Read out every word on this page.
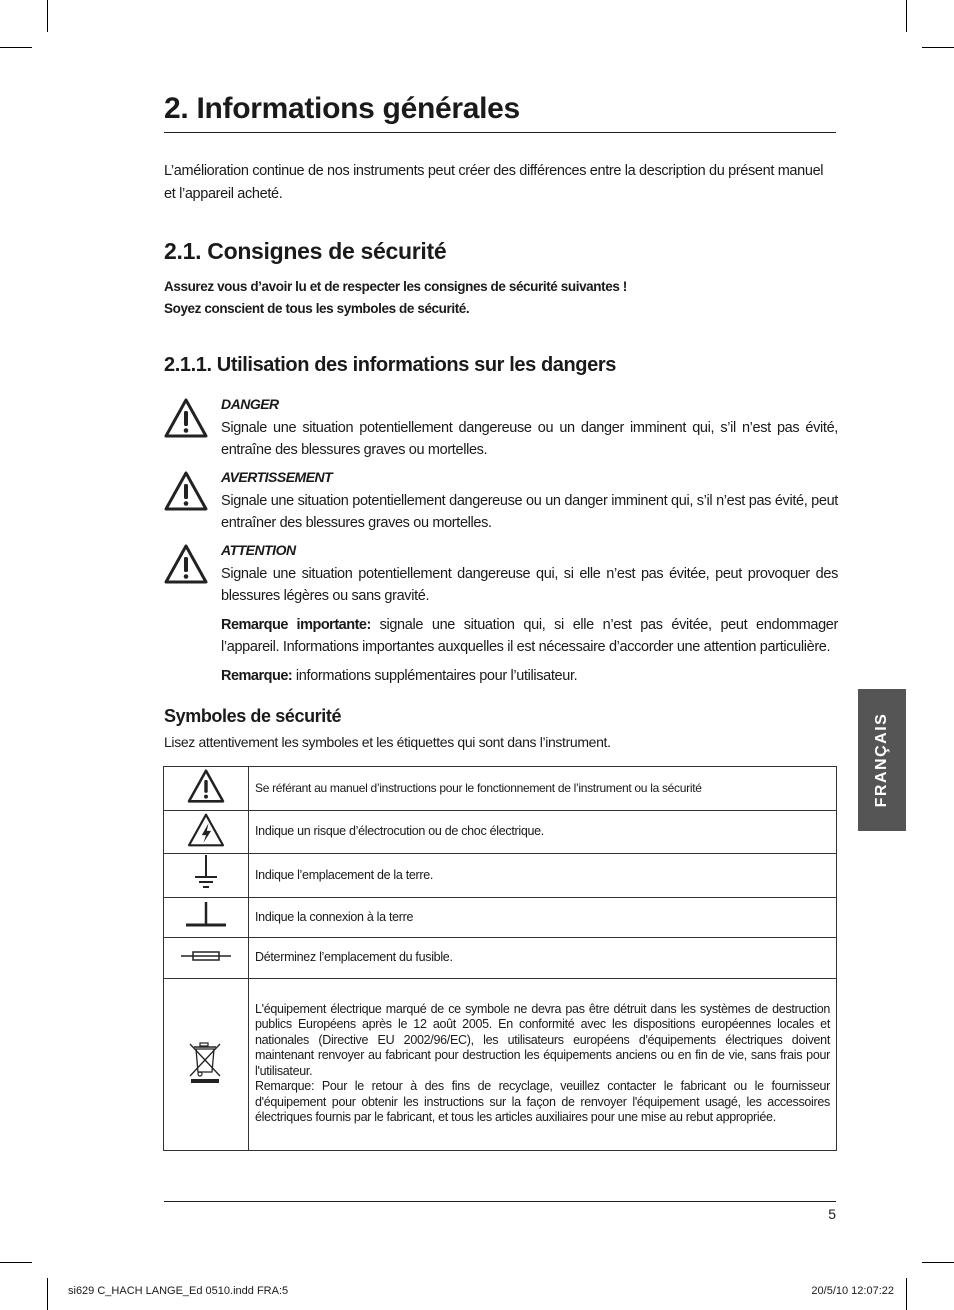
2. Informations générales

L’amélioration continue de nos instruments peut créer des différences entre la description du présent manuel et l’appareil acheté.

2.1. Consignes de sécurité
Assurez vous d’avoir lu et de respecter les consignes de sécurité suivantes !
Soyez conscient de tous les symboles de sécurité.
2.1.1. Utilisation des informations sur les dangers
DANGER

Signale une situation potentiellement dangereuse ou un danger imminent qui, s’il n’est pas évité, entraîne des blessures graves ou mortelles.

AVERTISSEMENT

Signale une situation potentiellement dangereuse ou un danger imminent qui, s’il n’est pas évité, peut entraîner des blessures graves ou mortelles.

ATTENTION

Signale une situation potentiellement dangereuse qui, si elle n’est pas évitée, peut provoquer des blessures légères ou sans gravité.

Remarque importante: signale une situation qui, si elle n’est pas évitée, peut endommager l’appareil. Informations importantes auxquelles il est nécessaire d’accorder une attention particulière.

Remarque: informations supplémentaires pour l’utilisateur.

Symboles de sécurité

Lisez attentivement les symboles et les étiquettes qui sont dans l’instrument.

	Se référant au manuel d’instructions pour le fonctionnement de l’instrument ou la sécurité
	Indique un risque d’électrocution ou de choc électrique.
	Indique l’emplacement de la terre.
	Indique la connexion à la terre
	Déterminez l’emplacement du fusible.
	L'équipement électrique marqué de ce symbole ne devra pas être détruit dans les systèmes de destruction publics Européens après le 12 août 2005. En conformité avec les dispositions européennes locales et nationales (Directive EU 2002/96/EC), les utilisateurs européens d'équipements électriques doivent maintenant renvoyer au fabricant pour destruction les équipements anciens ou en fin de vie, sans frais pour l'utilisateur.
Remarque: Pour le retour à des fins de recyclage, veuillez contacter le fabricant ou le fournisseur d'équipement pour obtenir les instructions sur la façon de renvoyer l'équipement usagé, les accessoires électriques fournis par le fabricant, et tous les articles auxiliaires pour une mise au rebut appropriée.
FRANÇAIS
5
si629 C_HACH LANGE_Ed 0510.indd FRA:5	20/5/10 12:07:22
